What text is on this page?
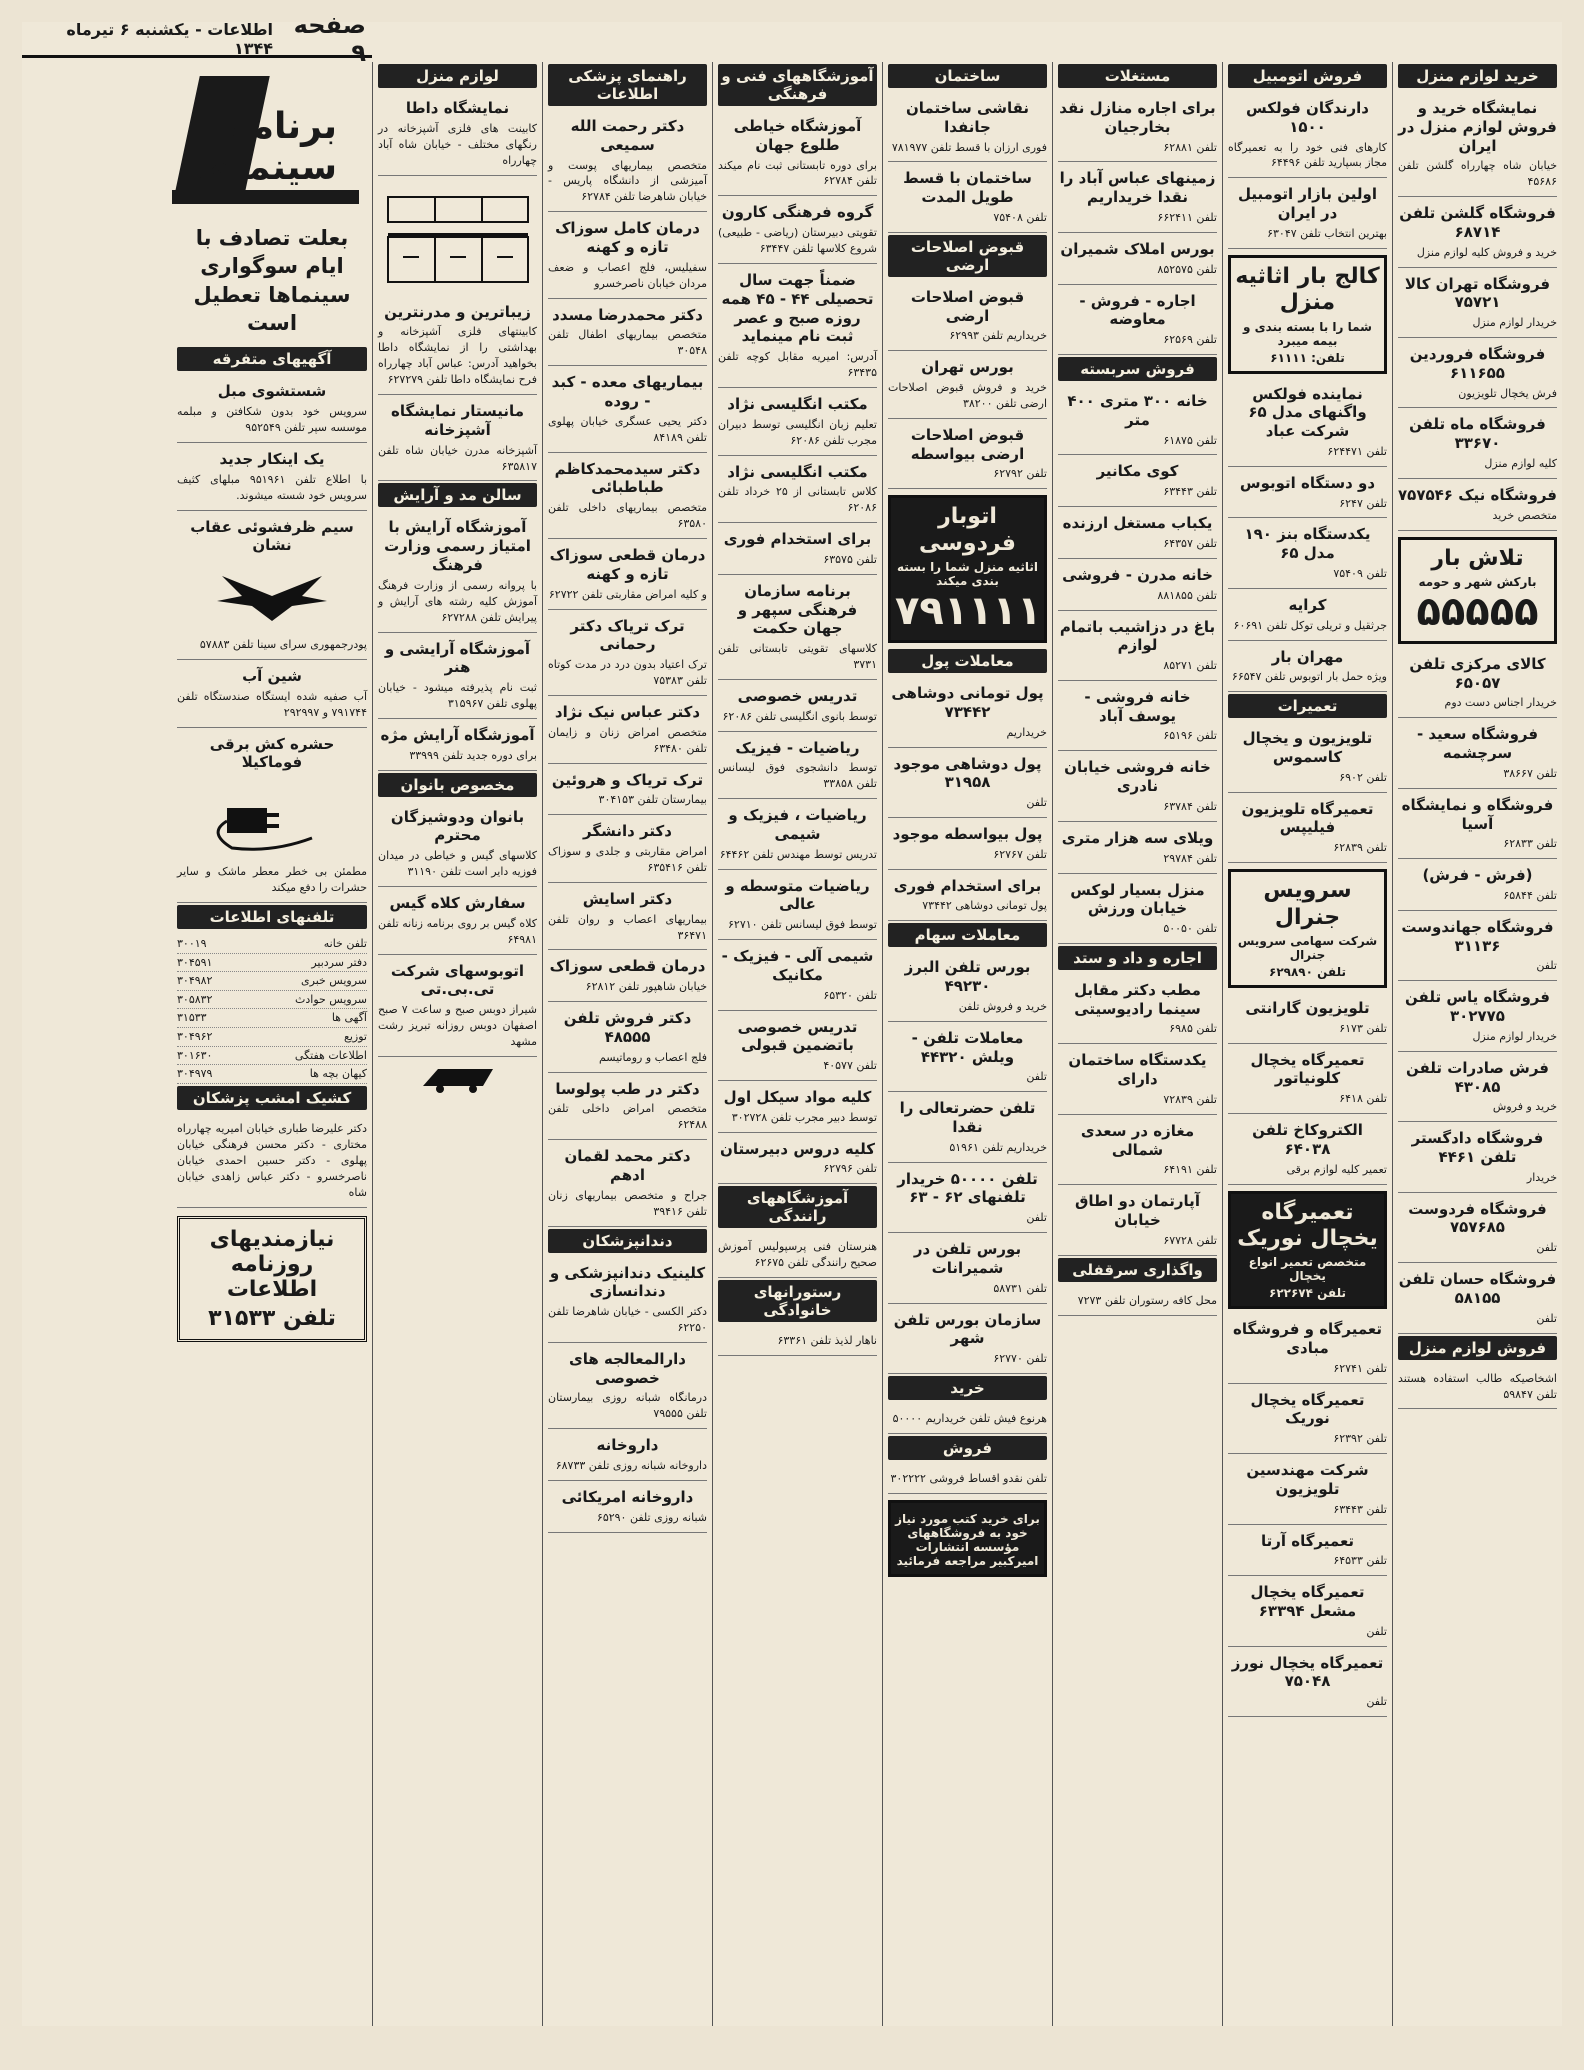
صفحه ۹
اطلاعات - یکشنبه ۶ تیرماه ۱۳۴۴
خرید لوازم منزل
نمایشگاه خرید و فروش لوازم منزل در ایران

خیابان شاه چهارراه گلشن تلفن ۴۵۶۸۶

فروشگاه گلشن تلفن ۶۸۷۱۴

خرید و فروش کلیه لوازم منزل

فروشگاه تهران کالا ۷۵۷۲۱

خریدار لوازم منزل

فروشگاه فروردین ۶۱۱۶۵۵

فرش یخچال تلویزیون

فروشگاه ماه تلفن ۳۳۶۷۰

کلیه لوازم منزل

فروشگاه نیک ۷۵۷۵۴۶

متخصص خرید

تلاش بار

بارکش شهر و حومه

۵۵۵۵۵
کالای مرکزی تلفن ۶۵۰۵۷

خریدار اجناس دست دوم

فروشگاه سعید - سرچشمه

تلفن ۳۸۶۶۷

فروشگاه و نمایشگاه آسیا

تلفن ۶۲۸۳۳

(فرش - فرش)

تلفن ۶۵۸۴۴

فروشگاه جهاندوست ۳۱۱۳۶

تلفن

فروشگاه یاس تلفن ۳۰۲۷۷۵

خریدار لوازم منزل

فرش صادرات تلفن ۴۳۰۸۵

خرید و فروش

فروشگاه دادگستر تلفن ۴۴۶۱

خریدار

فروشگاه فردوست ۷۵۷۶۸۵

تلفن

فروشگاه حسان تلفن ۵۸۱۵۵

تلفن

فروش لوازم منزل

اشخاصیکه طالب استفاده هستند تلفن ۵۹۸۴۷

فروش اتومبیل
دارندگان فولکس ۱۵۰۰

کارهای فنی خود را به تعمیرگاه مجاز بسپارید تلفن ۶۴۴۹۶

اولین بازار اتومبیل در ایران

بهترین انتخاب تلفن ۶۳۰۴۷

کالج بار اثاثیه منزل

شما را با بسته بندی و بیمه میبرد

تلفن: ۶۱۱۱۱

نماینده فولکس واگنهای مدل ۶۵ شرکت عباد

تلفن ۶۲۴۴۷۱

دو دستگاه اتوبوس

تلفن ۶۲۴۷

یکدستگاه بنز ۱۹۰ مدل ۶۵

تلفن ۷۵۴۰۹

کرایه

جرثقیل و تریلی توکل تلفن ۶۰۶۹۱

مهران بار

ویژه حمل بار اتوبوس تلفن ۶۶۵۴۷

تعمیرات
تلویزیون و یخچال کاسموس

تلفن ۶۹۰۲

تعمیرگاه تلویزیون فیلیپس

تلفن ۶۲۸۳۹

سرویس جنرال

شرکت سهامی سرویس جنرال

تلفن ۶۲۹۸۹۰

تلویزیون گارانتی

تلفن ۶۱۷۳

تعمیرگاه یخچال کلونیاتور

تلفن ۶۴۱۸

الکتروکاخ تلفن ۶۴۰۳۸

تعمیر کلیه لوازم برقی

تعمیرگاه یخچال نوریک

متخصص تعمیر انواع یخچال

تلفن ۶۲۲۶۷۴

تعمیرگاه و فروشگاه مبادی

تلفن ۶۲۷۴۱

تعمیرگاه یخچال نوریک

تلفن ۶۲۳۹۲

شرکت مهندسین تلویزیون

تلفن ۶۳۴۴۳

تعمیرگاه آرتا

تلفن ۶۴۵۳۳

تعمیرگاه یخچال مشعل ۶۳۳۹۴

تلفن

تعمیرگاه یخچال نورز ۷۵۰۴۸

تلفن

مستغلات
برای اجاره منازل نقد بخارجیان

تلفن ۶۲۸۸۱

زمینهای عباس آباد را نقدا خریداریم

تلفن ۶۶۲۴۱۱

بورس املاک شمیران

تلفن ۸۵۲۵۷۵

اجاره - فروش - معاوضه

تلفن ۶۲۵۶۹

فروش سربسته
خانه ۳۰۰ متری ۴۰۰ متر

تلفن ۶۱۸۷۵

کوی مکانیر

تلفن ۶۳۴۴۳

یکباب مستغل ارزنده

تلفن ۶۴۳۵۷

خانه مدرن - فروشی

تلفن ۸۸۱۸۵۵

باغ در دزاشیب باتمام لوازم

تلفن ۸۵۲۷۱

خانه فروشی - یوسف آباد

تلفن ۶۵۱۹۶

خانه فروشی خیابان نادری

تلفن ۶۳۷۸۴

ویلای سه هزار متری

تلفن ۲۹۷۸۴

منزل بسیار لوکس خیابان ورزش

تلفن ۵۰۰۵۰

اجاره و داد و ستد
مطب دکتر مقابل سینما رادیوسیتی

تلفن ۶۹۸۵

یکدستگاه ساختمان دارای

تلفن ۷۲۸۳۹

مغازه در سعدی شمالی

تلفن ۶۴۱۹۱

آپارتمان دو اطاق خیابان

تلفن ۶۷۷۲۸

واگذاری سرقفلی

محل کافه رستوران تلفن ۷۲۷۳

ساختمان
نقاشی ساختمان جانفدا

فوری ارزان با قسط تلفن ۷۸۱۹۷۷

ساختمان با قسط طویل المدت

تلفن ۷۵۴۰۸

قبوض اصلاحات ارضی
قبوض اصلاحات ارضی

خریداریم تلفن ۶۲۹۹۳

بورس تهران

خرید و فروش قبوض اصلاحات ارضی تلفن ۳۸۲۰۰

قبوض اصلاحات ارضی بیواسطه

تلفن ۶۲۷۹۲

اتوبار فردوسی

اثاثیه منزل شما را بسته بندی میکند

۷۹۱۱۱۱
معاملات پول
پول تومانی دوشاهی ۷۳۴۴۲

خریداریم

پول دوشاهی موجود ۳۱۹۵۸

تلفن

پول بیواسطه موجود

تلفن ۶۲۷۶۷

برای استخدام فوری

پول تومانی دوشاهی ۷۳۴۴۲

معاملات سهام
بورس تلفن البرز ۴۹۲۳۰

خرید و فروش تلفن

معاملات تلفن - ویلش ۴۴۳۲۰

تلفن

تلفن حضرتعالی را نقدا

خریداریم تلفن ۵۱۹۶۱

تلفن ۵۰۰۰۰ خریدار تلفنهای ۶۲ - ۶۳

تلفن

بورس تلفن در شمیرانات

تلفن ۵۸۷۳۱

سازمان بورس تلفن شهر

تلفن ۶۲۷۷۰

خرید

هرنوع فیش تلفن خریداریم ۵۰۰۰۰

فروش

تلفن نقدو اقساط فروشی ۳۰۲۲۲۲

برای خرید کتب مورد نیاز خود به فروشگاههای مؤسسه انتشارات امیرکبیر مراجعه فرمائید

آموزشگاههای فنی و فرهنگی
آموزشگاه خیاطی طلوع جهان

برای دوره تابستانی ثبت نام میکند تلفن ۶۲۷۸۴

گروه فرهنگی کارون

تقویتی دبیرستان (ریاضی - طبیعی) شروع کلاسها تلفن ۶۳۴۴۷

ضمناً جهت سال تحصیلی ۴۴ - ۴۵ همه روزه صبح و عصر ثبت نام مینماید

آدرس: امیریه مقابل کوچه تلفن ۶۳۴۳۵

مکتب انگلیسی نژاد

تعلیم زبان انگلیسی توسط دبیران مجرب تلفن ۶۲۰۸۶

مکتب انگلیسی نژاد

کلاس تابستانی از ۲۵ خرداد تلفن ۶۲۰۸۶

برای استخدام فوری

تلفن ۶۳۵۷۵

برنامه سازمان فرهنگی سپهر و جهان حکمت

کلاسهای تقویتی تابستانی تلفن ۳۷۳۱

تدریس خصوصی

توسط بانوی انگلیسی تلفن ۶۲۰۸۶

ریاضیات - فیزیک

توسط دانشجوی فوق لیسانس تلفن ۳۳۸۵۸

ریاضیات ، فیزیک و شیمی

تدریس توسط مهندس تلفن ۶۴۴۶۲

ریاضیات متوسطه و عالی

توسط فوق لیسانس تلفن ۶۲۷۱۰

شیمی آلی - فیزیک - مکانیک

تلفن ۶۵۳۲۰

تدریس خصوصی باتضمین قبولی

تلفن ۴۰۵۷۷

کلیه مواد سیکل اول

توسط دبیر مجرب تلفن ۳۰۲۷۲۸

کلیه دروس دبیرستان

تلفن ۶۲۷۹۶

آموزشگاههای رانندگی

هنرستان فنی پرسپولیس آموزش صحیح رانندگی تلفن ۶۲۶۷۵

رستورانهای خانوادگی

ناهار لذیذ تلفن ۶۳۳۶۱

راهنمای پزشکی اطلاعات
دکتر رحمت الله سمیعی

متخصص بیماریهای پوست و آمیزشی از دانشگاه پاریس - خیابان شاهرضا تلفن ۶۲۷۸۴

درمان کامل سوزاک تازه و کهنه

سفیلیس، فلج اعصاب و ضعف مردان خیابان ناصرخسرو

دکتر محمدرضا مسدد

متخصص بیماریهای اطفال تلفن ۳۰۵۴۸

بیماریهای معده - کبد - روده

دکتر یحیی عسگری خیابان پهلوی تلفن ۸۴۱۸۹

دکتر سیدمحمدکاظم طباطبائی

متخصص بیماریهای داخلی تلفن ۶۳۵۸۰

درمان قطعی سوزاک تازه و کهنه

و کلیه امراض مقاربتی تلفن ۶۲۷۲۲

ترک تریاک دکتر رحمانی

ترک اعتیاد بدون درد در مدت کوتاه تلفن ۷۵۳۸۳

دکتر عباس نیک نژاد

متخصص امراض زنان و زایمان تلفن ۶۳۴۸۰

ترک تریاک و هروئین

بیمارستان تلفن ۳۰۴۱۵۳

دکتر دانشگر

امراض مقاربتی و جلدی و سوزاک تلفن ۶۳۵۴۱۶

دکتر اسایش

بیماریهای اعصاب و روان تلفن ۳۶۴۷۱

درمان قطعی سوزاک

خیابان شاهپور تلفن ۶۲۸۱۲

دکتر فروش تلفن ۴۸۵۵۵

فلج اعصاب و روماتیسم

دکتر در طب پولوسا

متخصص امراض داخلی تلفن ۶۲۴۸۸

دکتر محمد لقمان ادهم

جراح و متخصص بیماریهای زنان تلفن ۳۹۴۱۶

دندانپزشکان
کلینیک دندانپزشکی و دندانسازی

دکتر الکسی - خیابان شاهرضا تلفن ۶۲۲۵۰

دارالمعالجه های خصوصی

درمانگاه شبانه روزی بیمارستان تلفن ۷۹۵۵۵

داروخانه

داروخانه شبانه روزی تلفن ۶۸۷۳۳

داروخانه امریکائی

شبانه روزی تلفن ۶۵۲۹۰

لوازم منزل
نمایشگاه داطا

کابینت های فلزی آشپزخانه در رنگهای مختلف - خیابان شاه آباد چهارراه

زیباترین و مدرنترین

کابینتهای فلزی آشپزخانه و بهداشتی را از نمایشگاه داطا بخواهید آدرس: عباس آباد چهارراه فرح نمایشگاه داطا تلفن ۶۲۷۲۷۹

مانیستار نمایشگاه آشپزخانه

آشپزخانه مدرن خیابان شاه تلفن ۶۳۵۸۱۷

سالن مد و آرایش
آموزشگاه آرایش با امتیاز رسمی وزارت فرهنگ

با پروانه رسمی از وزارت فرهنگ آموزش کلیه رشته های آرایش و پیرایش تلفن ۶۲۷۲۸۸

آموزشگاه آرایشی و هنر

ثبت نام پذیرفته میشود - خیابان پهلوی تلفن ۳۱۵۹۶۷

آموزشگاه آرایش مژه

برای دوره جدید تلفن ۳۳۹۹۹

مخصوص بانوان
بانوان ودوشیزگان محترم

کلاسهای گیس و خیاطی در میدان فوزیه دایر است تلفن ۳۱۱۹۰

سفارش کلاه گیس

کلاه گیس بر روی برنامه زنانه تلفن ۶۴۹۸۱

اتوبوسهای شرکت تی.بی.تی

شیراز دوبس صبح و ساعت ۷ صبح اصفهان دوبس روزانه تبریز رشت مشهد

برنامه سینماها
بعلت تصادف با ایام سوگواری سینماها تعطیل است
آگهیهای متفرقه
شستشوی مبل

سرویس خود بدون شکافتن و مبلمه موسسه سپر تلفن ۹۵۲۵۴۹

یک اینکار جدید

با اطلاع تلفن ۹۵۱۹۶۱ مبلهای کثیف سرویس خود شسته میشوند.

سیم ظرفشوئی عقاب نشان

پودرجمهوری سرای سینا تلفن ۵۷۸۸۳

شین آب

آب صفیه شده ایستگاه صندستگاه تلفن ۷۹۱۷۴۴ و ۲۹۲۹۹۷

حشره کش برقی فوماکیلا

مطمئن بی خطر معطر ماشک و سایر حشرات را دفع میکند

تلفنهای اطلاعات
تلفن خانه
۳۰۰۱۹
دفتر سردبیر
۳۰۴۵۹۱
سرویس خبری
۳۰۴۹۸۲
سرویس حوادث
۳۰۵۸۳۲
آگهی ها
۳۱۵۳۳
توزیع
۳۰۴۹۶۲
اطلاعات هفتگی
۳۰۱۶۳۰
کیهان بچه ها
۳۰۴۹۷۹
کشیک امشب پزشکان

دکتر علیرضا طباری خیابان امیریه چهارراه مختاری - دکتر محسن فرهنگی خیابان پهلوی - دکتر حسین احمدی خیابان ناصرخسرو - دکتر عباس زاهدی خیابان شاه

نیازمندیهای روزنامه اطلاعات
تلفن ۳۱۵۳۳
